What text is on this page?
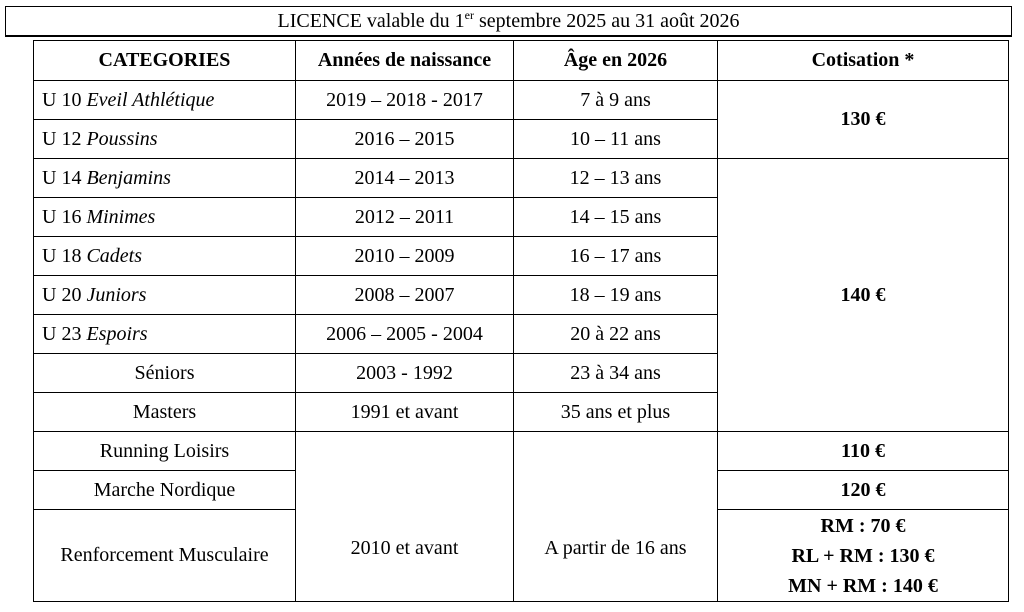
LICENCE valable du 1er septembre 2025 au 31 août 2026
CATEGORIES	Années de naissance	Âge en 2026	Cotisation *
U 10 Eveil Athlétique	2019 – 2018 - 2017	7 à 9 ans	130 €
U 12 Poussins	2016 – 2015	10 – 11 ans	
U 14 Benjamins	2014 – 2013	12 – 13 ans	140 €
U 16 Minimes	2012 – 2011	14 – 15 ans	
U 18 Cadets	2010 – 2009	16 – 17 ans	
U 20 Juniors	2008 – 2007	18 – 19 ans	
U 23 Espoirs	2006 – 2005 - 2004	20 à 22 ans	
Séniors	2003 - 1992	23 à 34 ans	
Masters	1991 et avant	35 ans et plus	
Running Loisirs	2010 et avant	A partir de 16 ans	110 €
Marche Nordique			120 €
Renforcement Musculaire			RM : 70 €
RL + RM : 130 €
MN + RM : 140 €
